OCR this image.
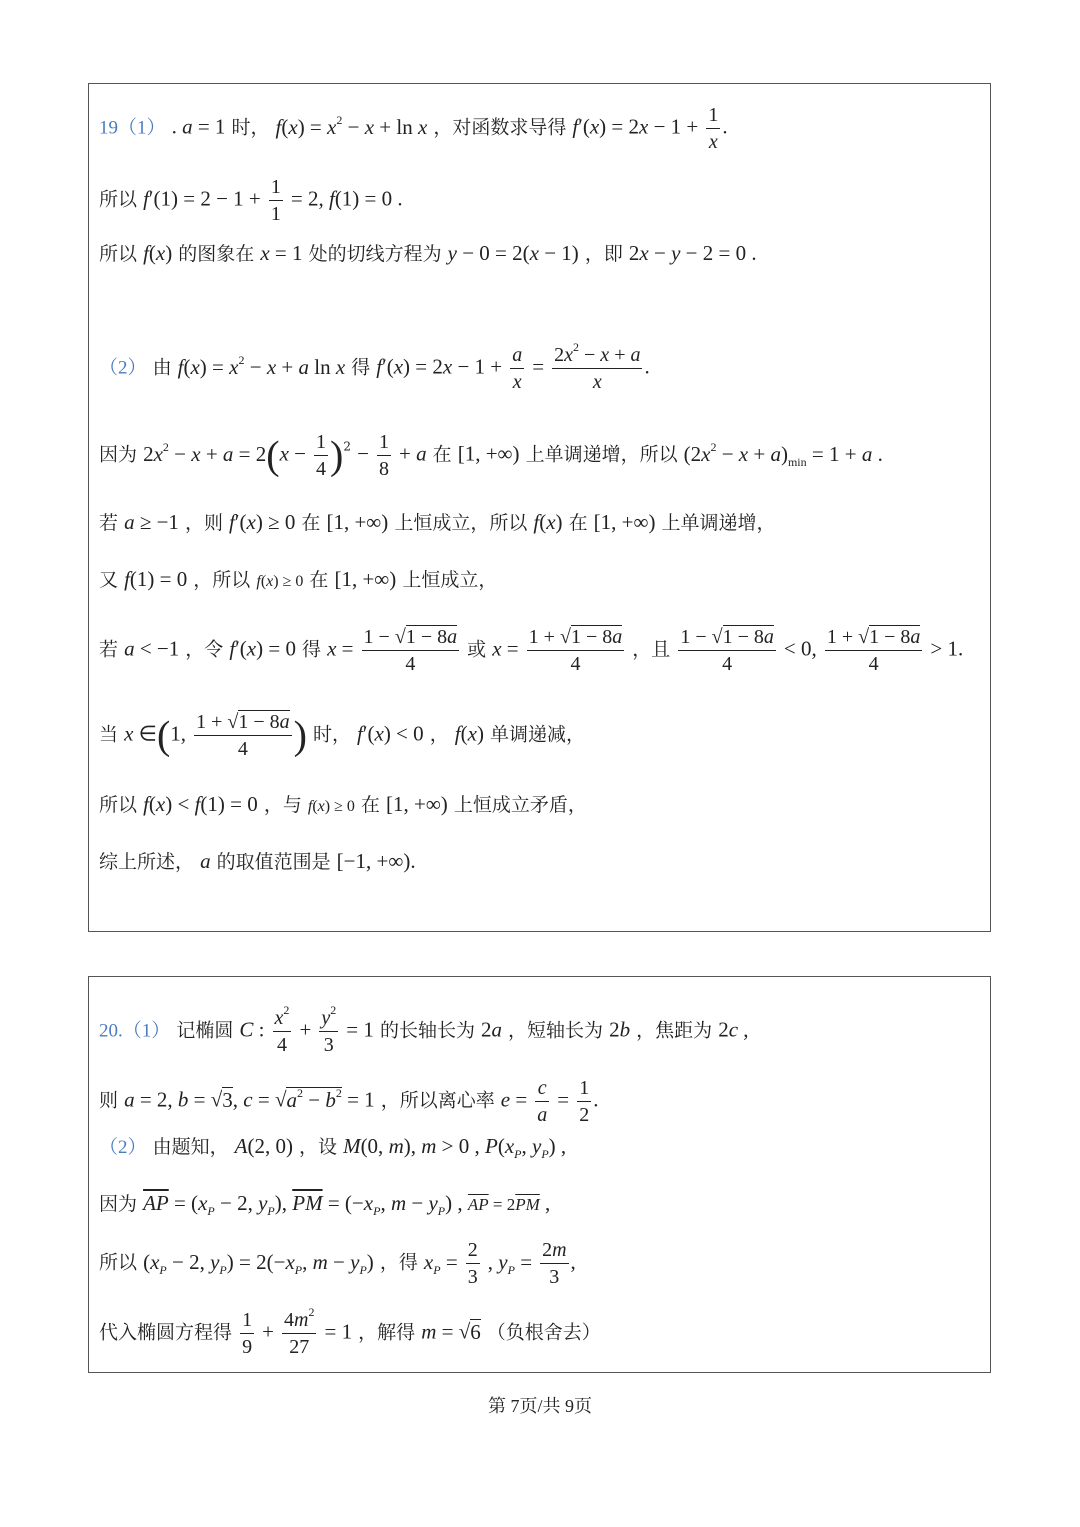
19（1） . a = 1 时， $f(x) = x^2 - x + \ln x$ ，对函数求导得 $f'(x) = 2x - 1 + \frac{1}{x}$ .
所以 $f'(1) = 2 - 1 + \frac{1}{1} = 2$, f(1) = 0 .
所以 f(x) 的图象在 x = 1 处的切线方程为 y − 0 = 2(x − 1) ，即 2x − y − 2 = 0 .
（2） 由 $f(x) = x^2 - x + a$ ln x 得 $f'(x) = 2x - 1 + \frac{a}{x} = \frac{2x^2 - x + a}{x}$ .
因为 $2x^2 - x + a = 2(x - \frac{1}{4} )^2 - \frac{1}{8} + a$ 在 [1, +∞) 上单调递增，所以 $(2x^2 - x + a)_{min} = 1 + a$ .
若 a ≥ −1 ，则 f′(x) ≥ 0 在 [1, +∞) 上恒成立，所以 f(x) 在 [1, +∞) 上单调递增，
又 f(1) = 0 ，所以 f(x) ≥ 0 在 [1, +∞) 上恒成立，
若 a < −1 ，令 f′(x) = 0 得 $x = \frac{1 - √1 - 8a}{4}$ 或 $x = \frac{1 + √1 - 8a}{4}$ ，且 $\frac{1 - √1 - 8a}{4} < 0$, $\frac{1 + √1 - 8a}{4} > 1$.
当 x ∈(1, $\frac{1 + √1 - 8a}{4}$ ) 时， f′(x) < 0 ， f(x) 单调递减，
所以 f(x) < f(1) = 0 ，与 f(x) ≥ 0 在 [1, +∞) 上恒成立矛盾，
综上所述， a 的取值范围是 [−1, +∞).
20.（1） 记椭圆 C : $\frac{x^2}{4} + \frac{y^2}{3} = 1$ 的长轴长为 2a ，短轴长为 2b ，焦距为 2c ,
则 a = 2, b = √3, $c = √a^2 - b^2 = 1$ ，所以离心率 $e = \frac{c}{a} = \frac{1}{2}$ .
（2） 由题知， A(2, 0) ，设 M(0, m), m > 0 , $P(x_P$, $y_P$) ,
因为 $\overline{AP} = (x_P - 2$, $y_P$), $\overline{PM} = (-x_P$, $m - y_P$) , $\overline{AP} = 2\overline{PM}$ ,
所以 ($x_P - 2$, $y_P) = 2(-x_P$, $m - y_P$) ，得 $x_P = \frac{2}{3}$ , $y_P = \frac{2m}{3}$ ,
代入椭圆方程得 $\frac{1}{9} + \frac{4m^2}{27} = 1$ ，解得 m = √6 （负根舍去）
第 7页/共 9页
